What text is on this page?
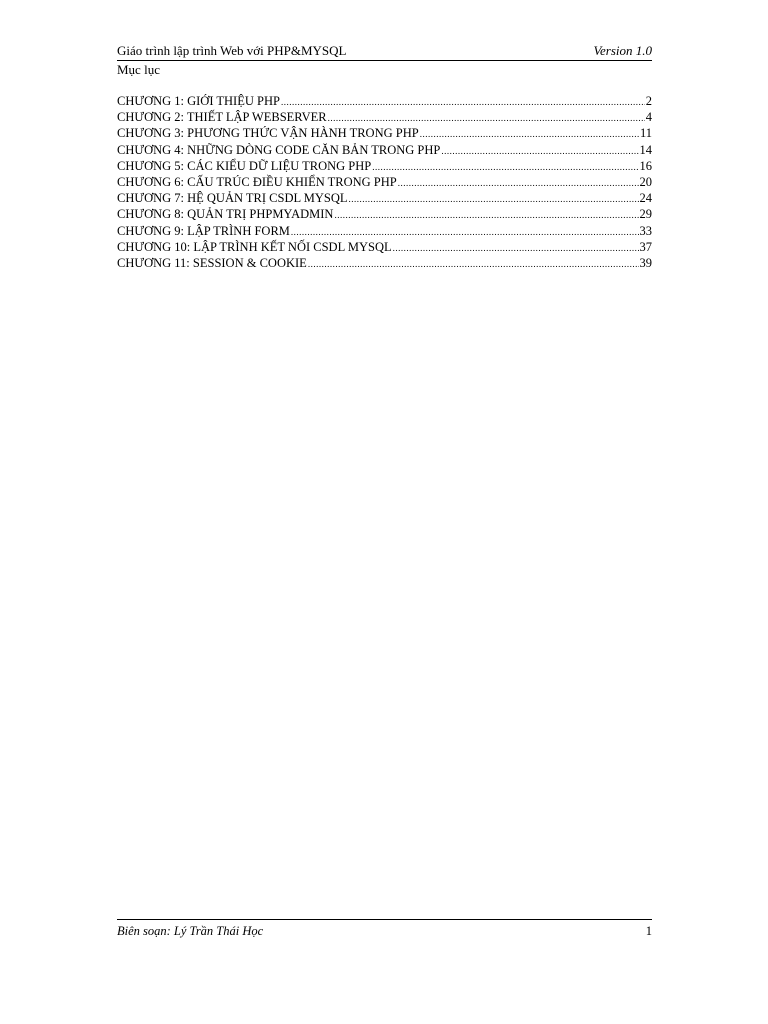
Giáo trình lập trình Web với PHP&MYSQL	Version 1.0
Mục lục
CHƯƠNG 1: GIỚI THIỆU PHP .....	2
CHƯƠNG 2: THIẾT LẬP WEBSERVER .....	4
CHƯƠNG 3: PHƯƠNG THỨC VẬN HÀNH TRONG PHP .....	11
CHƯƠNG 4: NHỮNG DÒNG CODE CĂN BẢN TRONG PHP .....	14
CHƯƠNG 5: CÁC KIỂU DỮ LIỆU TRONG PHP .....	16
CHƯƠNG 6: CẤU TRÚC ĐIỀU KHIỂN TRONG PHP .....	20
CHƯƠNG 7: HỆ QUẢN TRỊ CSDL MYSQL .....	24
CHƯƠNG 8: QUẢN TRỊ PHPMYADMIN .....	29
CHƯƠNG 9: LẬP TRÌNH FORM .....	33
CHƯƠNG 10: LẬP TRÌNH KẾT NỐI CSDL MYSQL .....	37
CHƯƠNG 11: SESSION & COOKIE .....	39
Biên soạn: Lý Trần Thái Học	1
